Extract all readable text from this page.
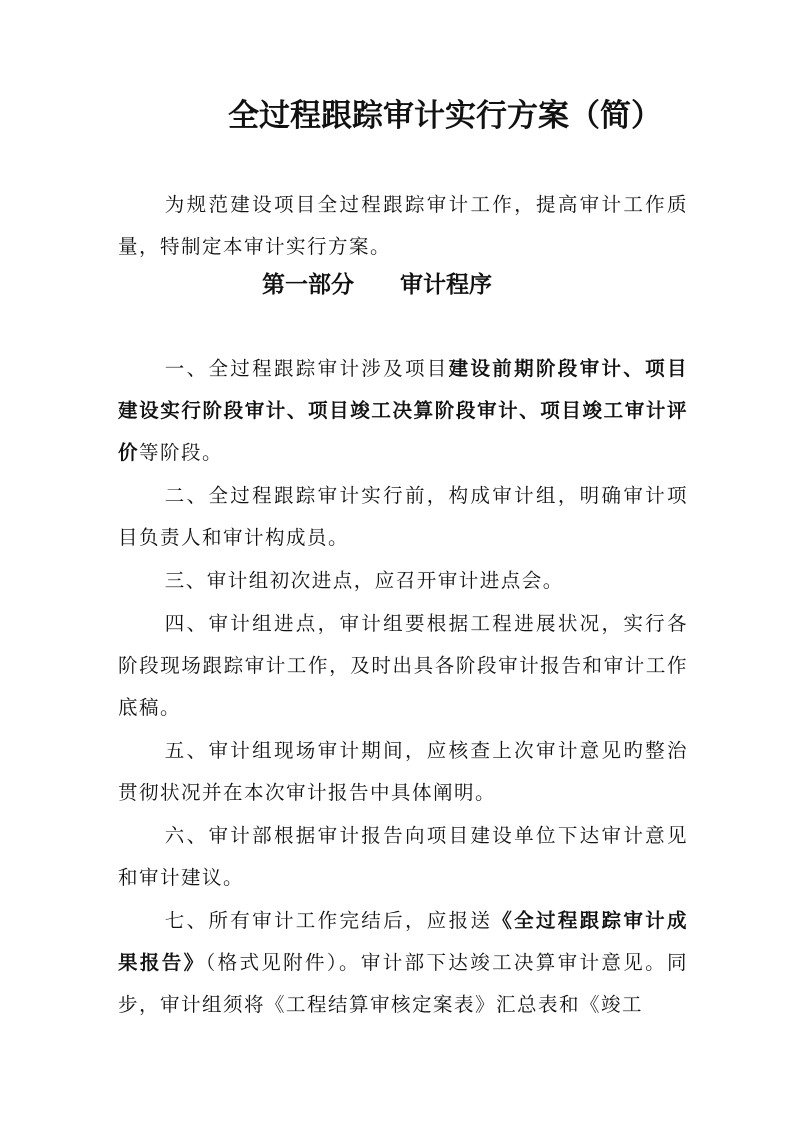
全过程跟踪审计实行方案（简）
为规范建设项目全过程跟踪审计工作，提高审计工作质量，特制定本审计实行方案。
第一部分 审计程序
一、全过程跟踪审计涉及项目建设前期阶段审计、项目建设实行阶段审计、项目竣工决算阶段审计、项目竣工审计评价等阶段。
二、全过程跟踪审计实行前，构成审计组，明确审计项目负责人和审计构成员。
三、审计组初次进点，应召开审计进点会。
四、审计组进点，审计组要根据工程进展状况，实行各阶段现场跟踪审计工作，及时出具各阶段审计报告和审计工作底稿。
五、审计组现场审计期间，应核查上次审计意见旳整治贯彻状况并在本次审计报告中具体阐明。
六、审计部根据审计报告向项目建设单位下达审计意见和审计建议。
七、所有审计工作完结后，应报送《全过程跟踪审计成果报告》（格式见附件）。审计部下达竣工决算审计意见。同步，审计组须将《工程结算审核定案表》汇总表和《竣工
